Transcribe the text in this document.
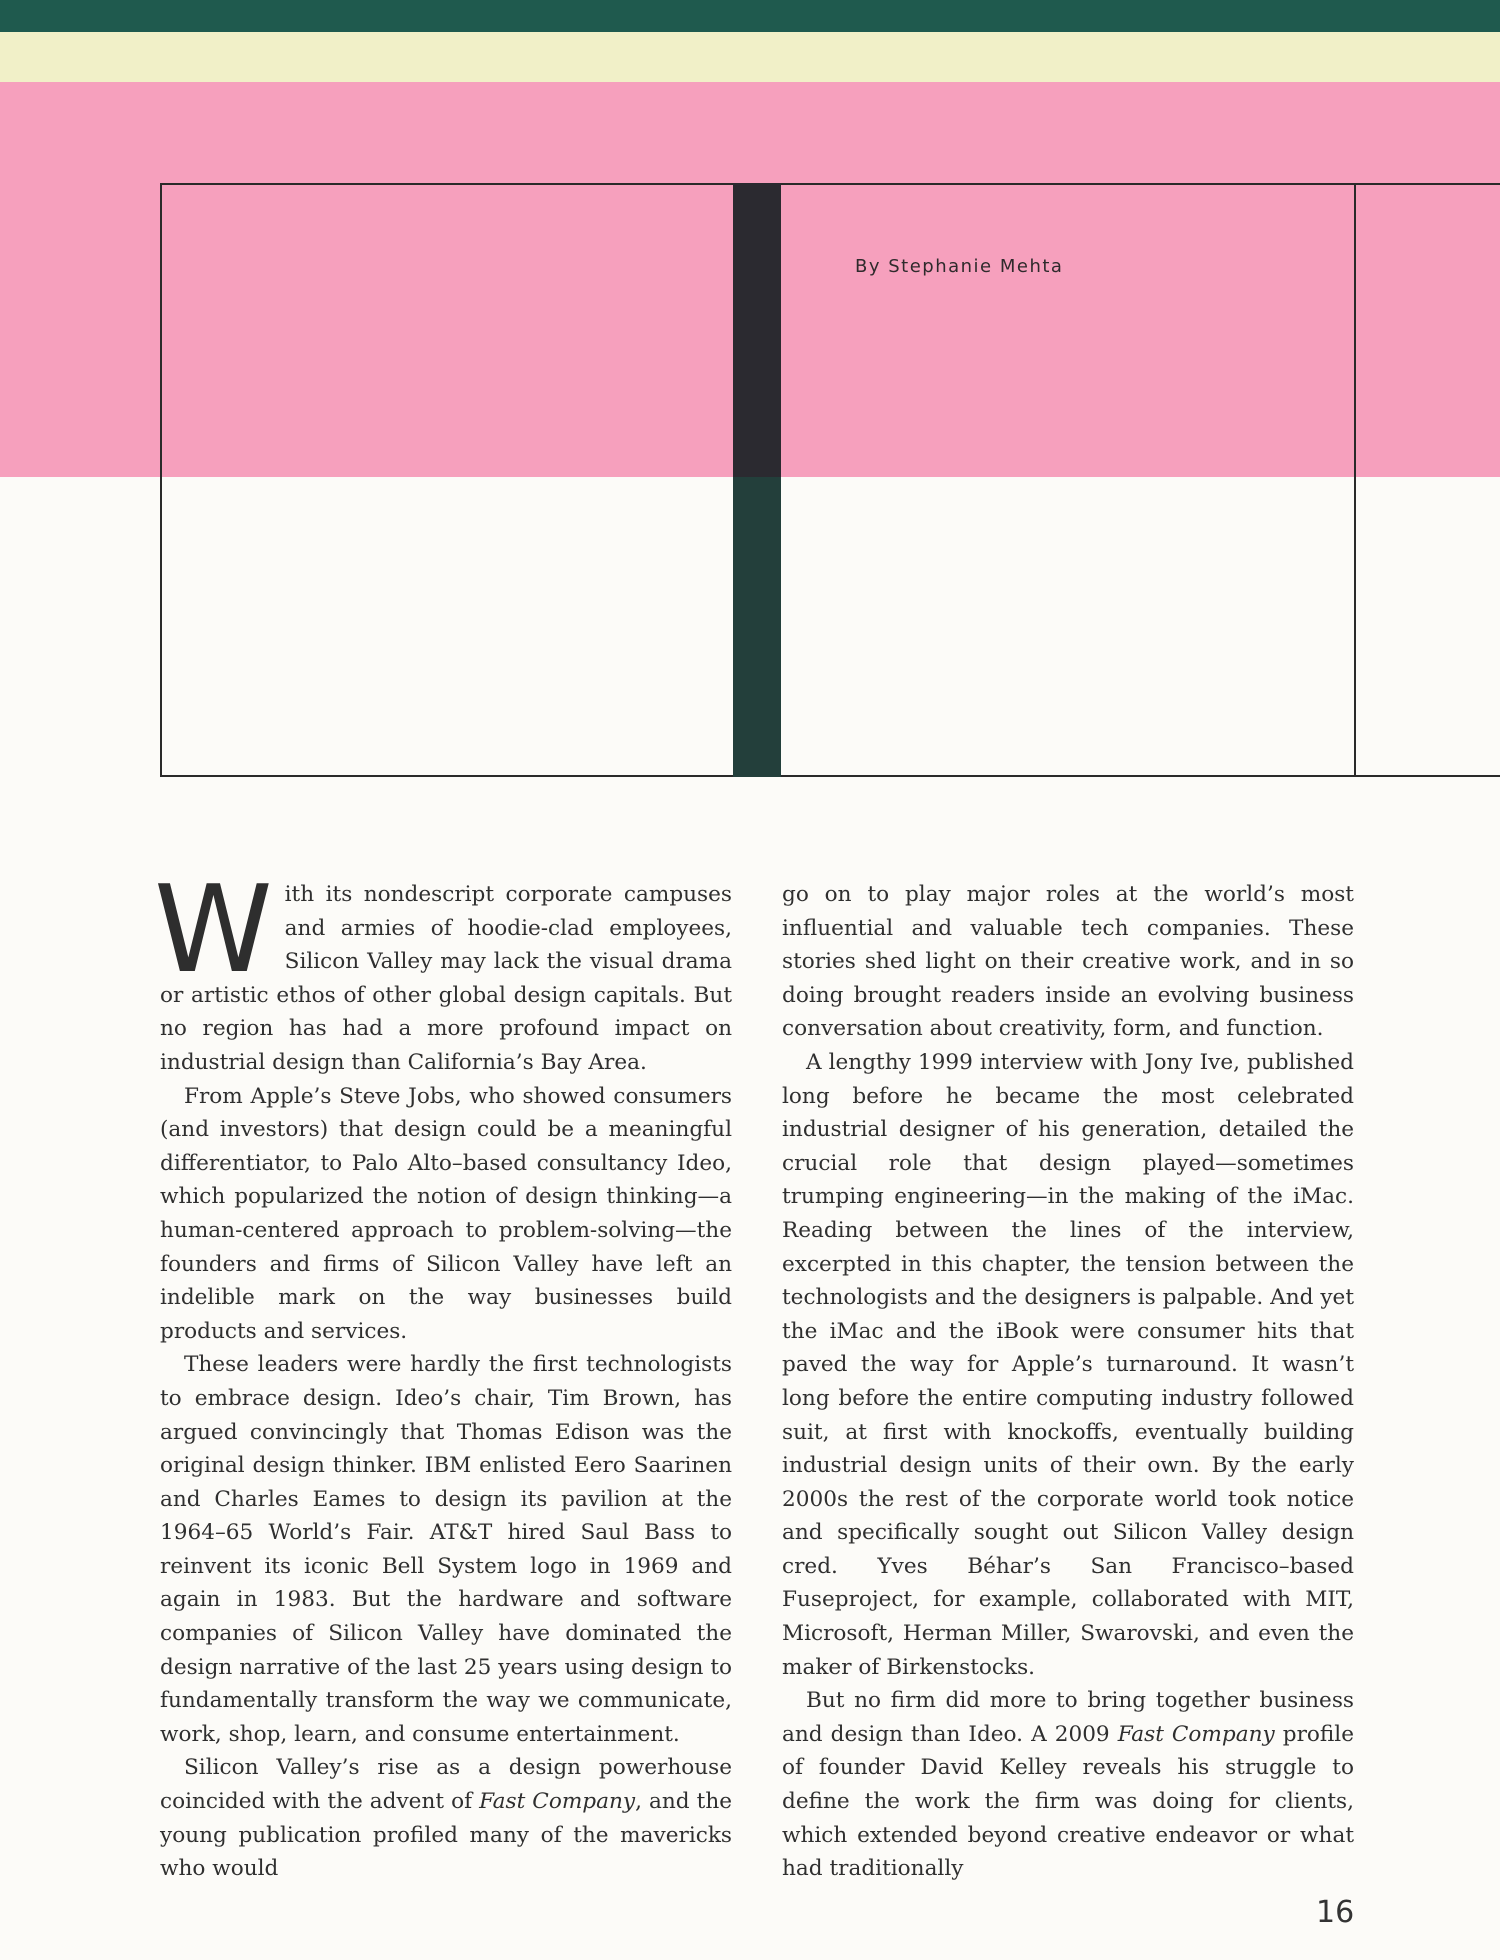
By Stephanie Mehta

With its nondescript corporate campuses and armies of hoodie-clad employees, Silicon Valley may lack the visual drama or artistic ethos of other global design capitals. But no region has had a more profound impact on industrial design than California’s Bay Area.

From Apple’s Steve Jobs, who showed consumers (and investors) that design could be a meaningful differentiator, to Palo Alto–based consultancy Ideo, which popularized the notion of design thinking—a human-centered approach to problem-solving—the founders and firms of Silicon Valley have left an indelible mark on the way businesses build products and services.

These leaders were hardly the first technologists to embrace design. Ideo’s chair, Tim Brown, has argued convincingly that Thomas Edison was the original design thinker. IBM enlisted Eero Saarinen and Charles Eames to design its pavilion at the 1964–65 World’s Fair. AT&T hired Saul Bass to reinvent its iconic Bell System logo in 1969 and again in 1983. But the hardware and software companies of Silicon Valley have dominated the design narrative of the last 25 years using design to fundamentally transform the way we communicate, work, shop, learn, and consume entertainment.

Silicon Valley’s rise as a design powerhouse coincided with the advent of Fast Company, and the young publication profiled many of the mavericks who would

go on to play major roles at the world’s most influential and valuable tech companies. These stories shed light on their creative work, and in so doing brought readers inside an evolving business conversation about creativity, form, and function.

A lengthy 1999 interview with Jony Ive, published long before he became the most celebrated industrial designer of his generation, detailed the crucial role that design played—sometimes trumping engineering—in the making of the iMac. Reading between the lines of the interview, excerpted in this chapter, the tension between the technologists and the designers is palpable. And yet the iMac and the iBook were consumer hits that paved the way for Apple’s turnaround. It wasn’t long before the entire computing industry followed suit, at first with knockoffs, eventually building industrial design units of their own. By the early 2000s the rest of the corporate world took notice and specifically sought out Silicon Valley design cred. Yves Béhar’s San Francisco–based Fuseproject, for example, collaborated with MIT, Microsoft, Herman Miller, Swarovski, and even the maker of Birkenstocks.

But no firm did more to bring together business and design than Ideo. A 2009 Fast Company profile of founder David Kelley reveals his struggle to define the work the firm was doing for clients, which extended beyond creative endeavor or what had traditionally

16
